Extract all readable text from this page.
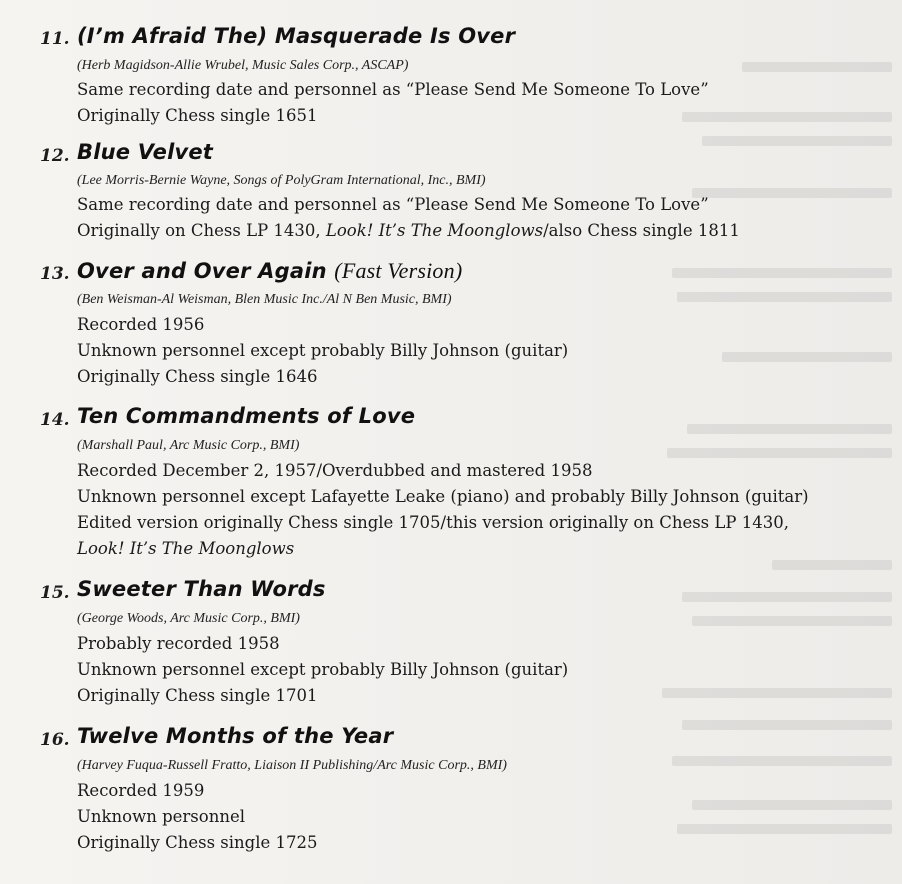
11. (I’m Afraid The) Masquerade Is Over
(Herb Magidson-Allie Wrubel, Music Sales Corp., ASCAP)
Same recording date and personnel as “Please Send Me Someone To Love”
Originally Chess single 1651
12. Blue Velvet
(Lee Morris-Bernie Wayne, Songs of PolyGram International, Inc., BMI)
Same recording date and personnel as “Please Send Me Someone To Love”
Originally on Chess LP 1430, Look! It’s The Moonglows/also Chess single 1811
13. Over and Over Again (Fast Version)
(Ben Weisman-Al Weisman, Blen Music Inc./Al N Ben Music, BMI)
Recorded 1956
Unknown personnel except probably Billy Johnson (guitar)
Originally Chess single 1646
14. Ten Commandments of Love
(Marshall Paul, Arc Music Corp., BMI)
Recorded December 2, 1957/Overdubbed and mastered 1958
Unknown personnel except Lafayette Leake (piano) and probably Billy Johnson (guitar)
Edited version originally Chess single 1705/this version originally on Chess LP 1430,
Look! It’s The Moonglows
15. Sweeter Than Words
(George Woods, Arc Music Corp., BMI)
Probably recorded 1958
Unknown personnel except probably Billy Johnson (guitar)
Originally Chess single 1701
16. Twelve Months of the Year
(Harvey Fuqua-Russell Fratto, Liaison II Publishing/Arc Music Corp., BMI)
Recorded 1959
Unknown personnel
Originally Chess single 1725
